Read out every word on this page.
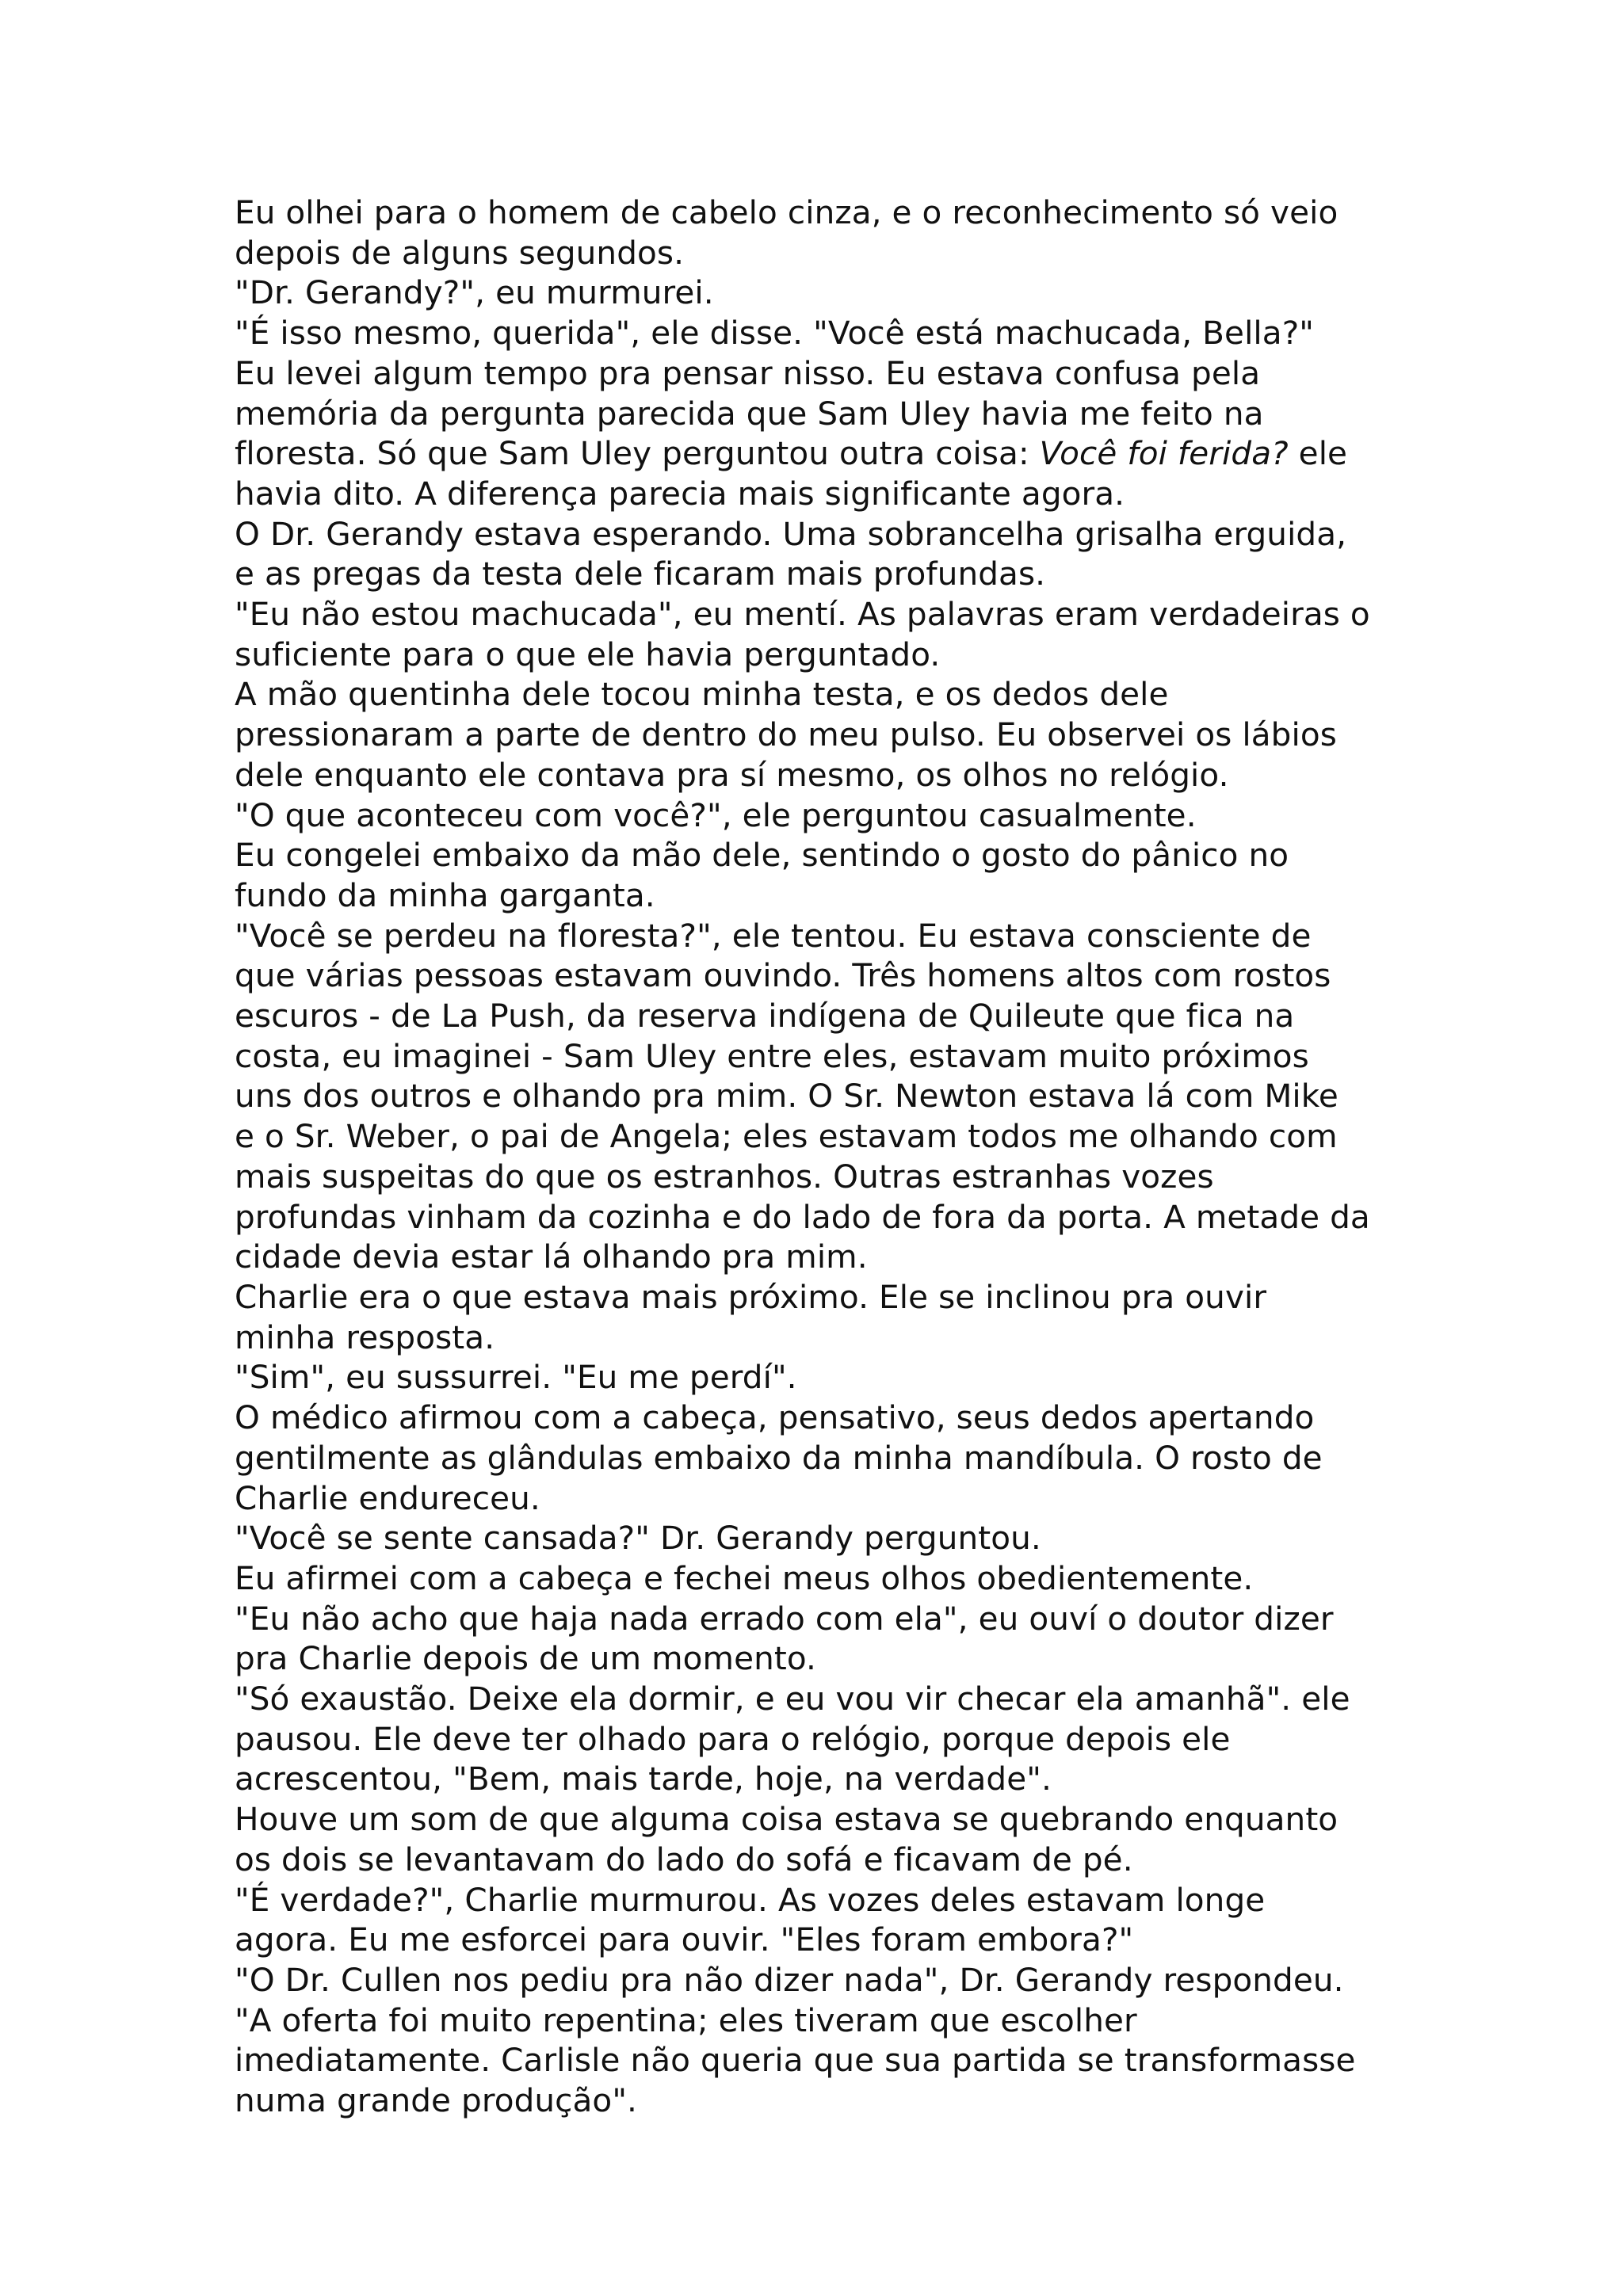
Eu olhei para o homem de cabelo cinza, e o reconhecimento só veio
depois de alguns segundos.
"Dr. Gerandy?", eu murmurei.
"É isso mesmo, querida", ele disse. "Você está machucada, Bella?"
Eu levei algum tempo pra pensar nisso. Eu estava confusa pela
memória da pergunta parecida que Sam Uley havia me feito na
floresta. Só que Sam Uley perguntou outra coisa: Você foi ferida? ele
havia dito. A diferença parecia mais significante agora.
O Dr. Gerandy estava esperando. Uma sobrancelha grisalha erguida,
e as pregas da testa dele ficaram mais profundas.
"Eu não estou machucada", eu mentí. As palavras eram verdadeiras o
suficiente para o que ele havia perguntado.
A mão quentinha dele tocou minha testa, e os dedos dele
pressionaram a parte de dentro do meu pulso. Eu observei os lábios
dele enquanto ele contava pra sí mesmo, os olhos no relógio.
"O que aconteceu com você?", ele perguntou casualmente.
Eu congelei embaixo da mão dele, sentindo o gosto do pânico no
fundo da minha garganta.
"Você se perdeu na floresta?", ele tentou. Eu estava consciente de
que várias pessoas estavam ouvindo. Três homens altos com rostos
escuros - de La Push, da reserva indígena de Quileute que fica na
costa, eu imaginei - Sam Uley entre eles, estavam muito próximos
uns dos outros e olhando pra mim. O Sr. Newton estava lá com Mike
e o Sr. Weber, o pai de Angela; eles estavam todos me olhando com
mais suspeitas do que os estranhos. Outras estranhas vozes
profundas vinham da cozinha e do lado de fora da porta. A metade da
cidade devia estar lá olhando pra mim.
Charlie era o que estava mais próximo. Ele se inclinou pra ouvir
minha resposta.
"Sim", eu sussurrei. "Eu me perdí".
O médico afirmou com a cabeça, pensativo, seus dedos apertando
gentilmente as glândulas embaixo da minha mandíbula. O rosto de
Charlie endureceu.
"Você se sente cansada?" Dr. Gerandy perguntou.
Eu afirmei com a cabeça e fechei meus olhos obedientemente.
"Eu não acho que haja nada errado com ela", eu ouví o doutor dizer
pra Charlie depois de um momento.
"Só exaustão. Deixe ela dormir, e eu vou vir checar ela amanhã". ele
pausou. Ele deve ter olhado para o relógio, porque depois ele
acrescentou, "Bem, mais tarde, hoje, na verdade".
Houve um som de que alguma coisa estava se quebrando enquanto
os dois se levantavam do lado do sofá e ficavam de pé.
"É verdade?", Charlie murmurou. As vozes deles estavam longe
agora. Eu me esforcei para ouvir. "Eles foram embora?"
"O Dr. Cullen nos pediu pra não dizer nada", Dr. Gerandy respondeu.
"A oferta foi muito repentina; eles tiveram que escolher
imediatamente. Carlisle não queria que sua partida se transformasse
numa grande produção".
